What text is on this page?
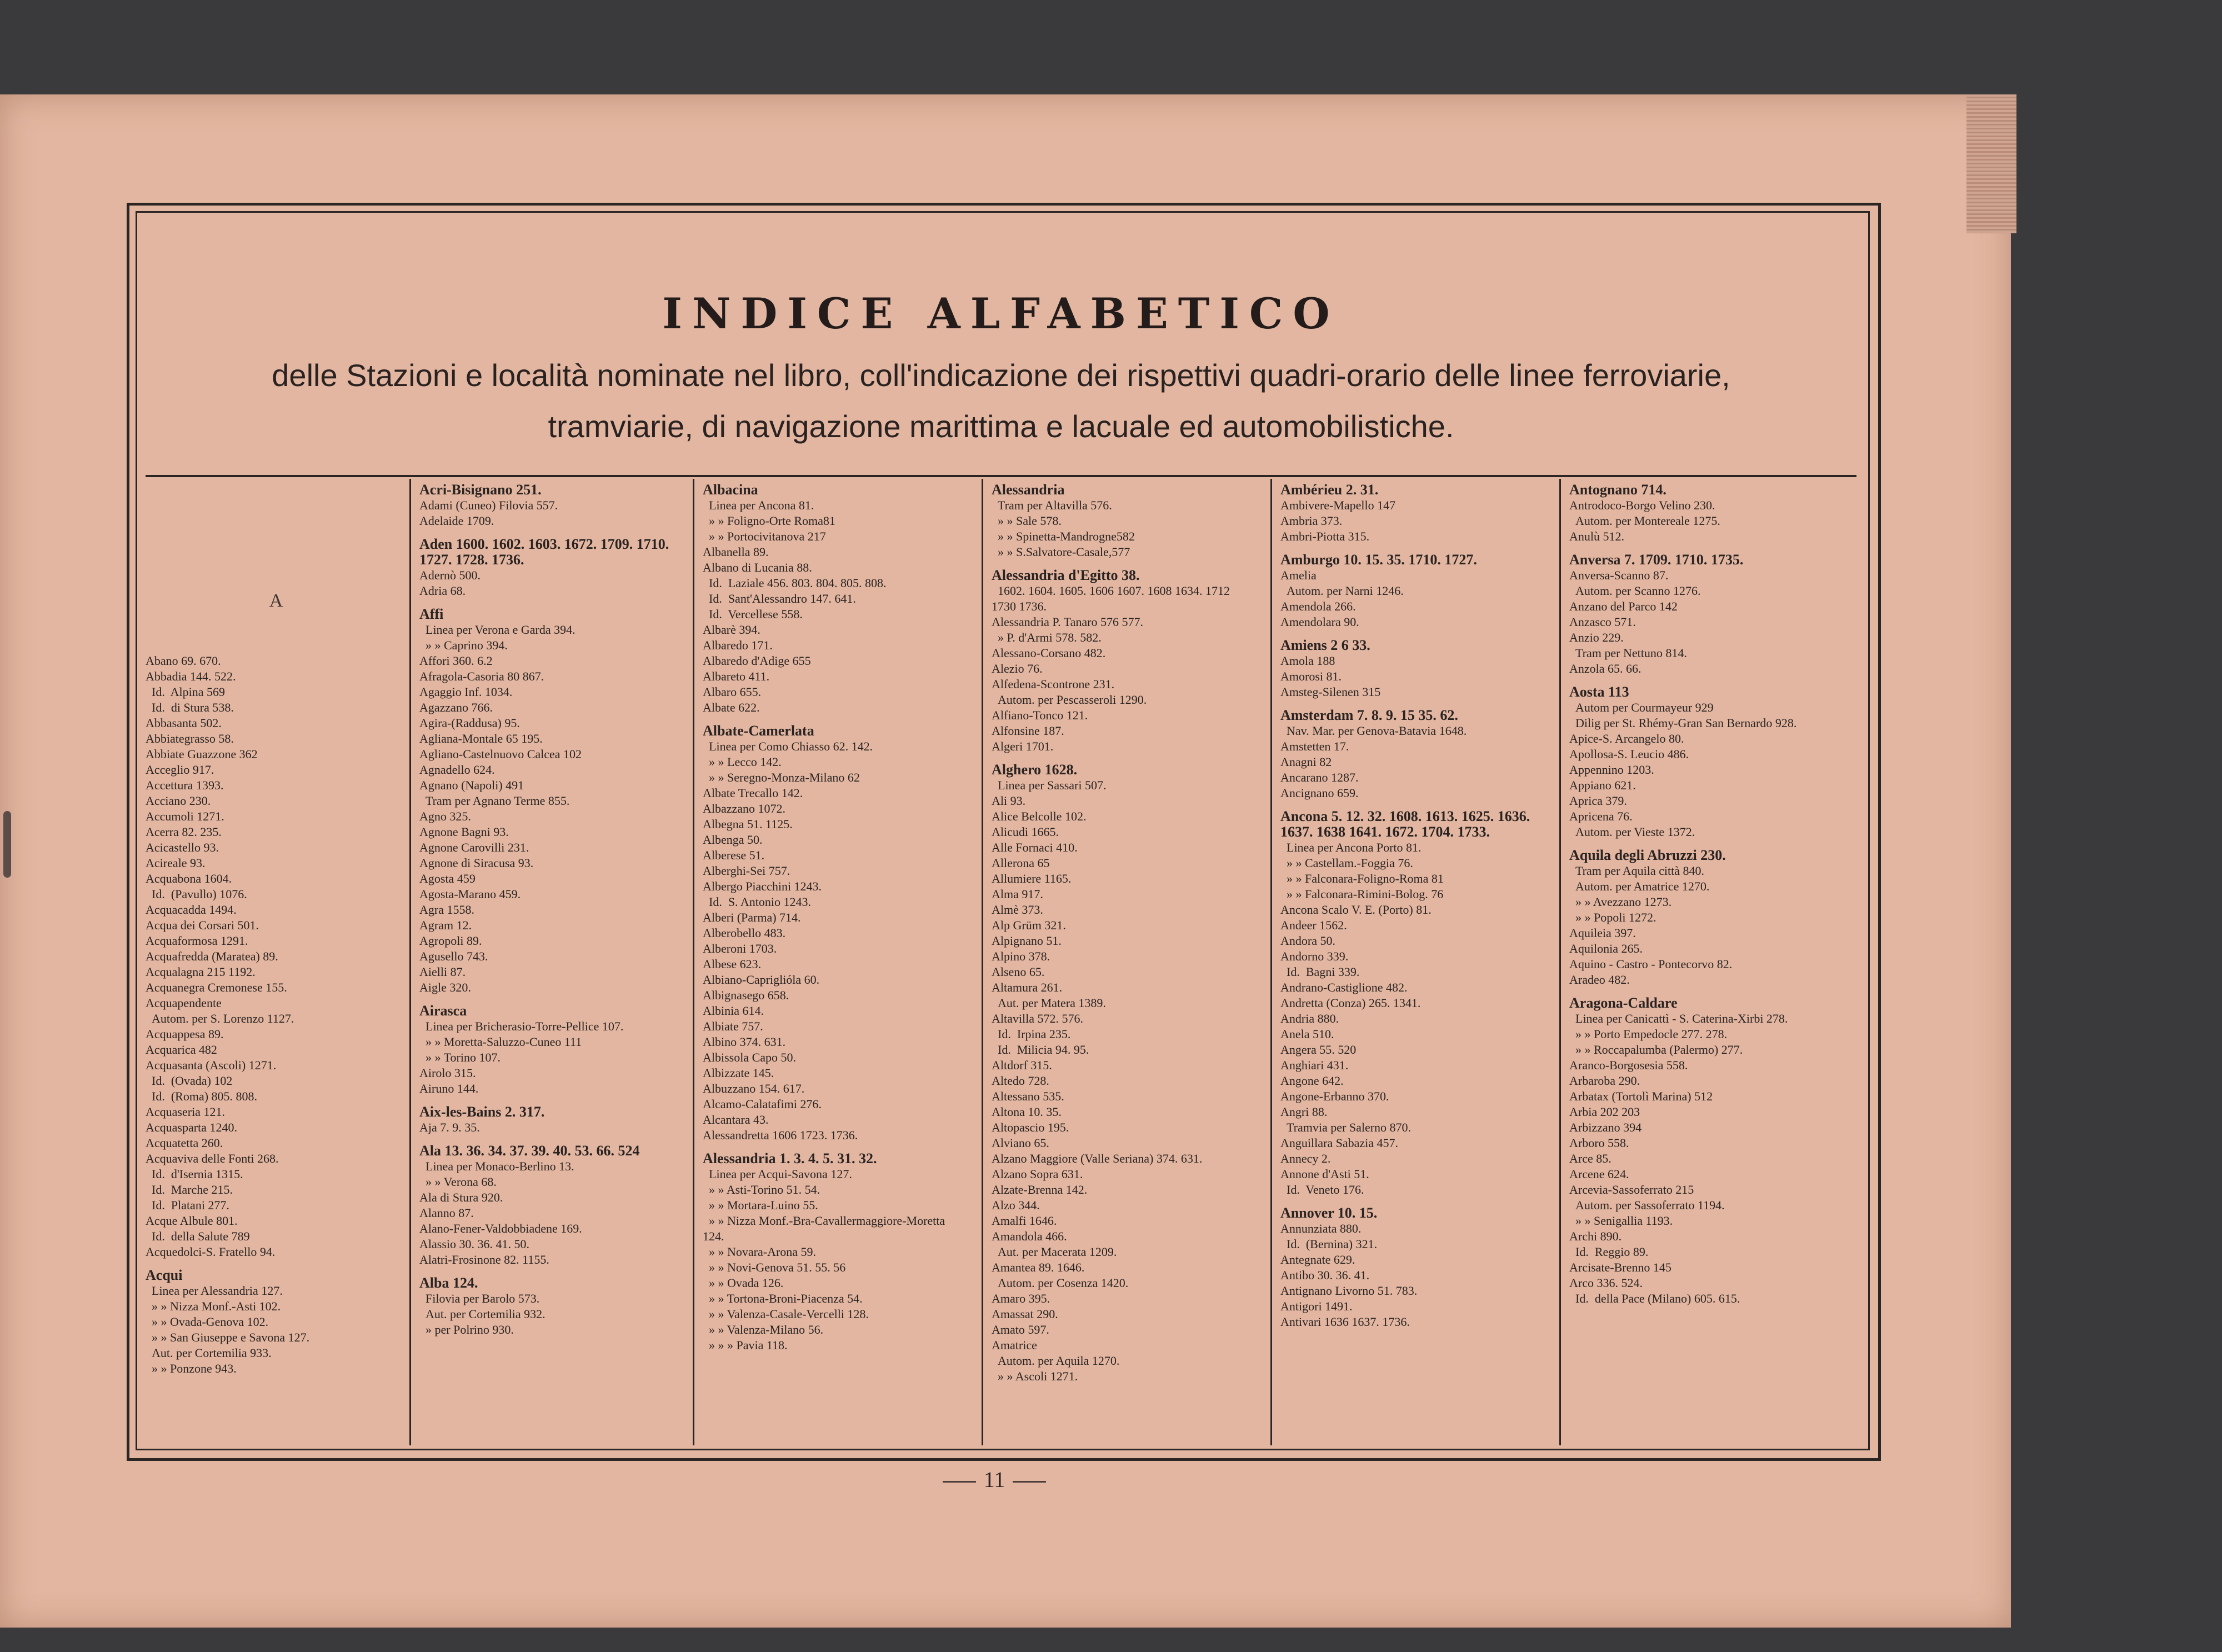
INDICE ALFABETICO
delle Stazioni e località nominate nel libro, coll'indicazione dei rispettivi quadri-orario delle linee ferroviarie,
tramviarie, di navigazione marittima e lacuale ed automobilistiche.
A
Abano 69. 670.
Abbadia 144. 522.
Id.  Alpina 569
Id.  di Stura 538.
Abbasanta 502.
Abbiategrasso 58.
Abbiate Guazzone 362
Acceglio 917.
Accettura 1393.
Acciano 230.
Accumoli 1271.
Acerra 82. 235.
Acicastello 93.
Acireale 93.
Acquabona 1604.
Id.  (Pavullo) 1076.
Acquacadda 1494.
Acqua dei Corsari 501.
Acquaformosa 1291.
Acquafredda (Maratea) 89.
Acqualagna 215 1192.
Acquanegra Cremonese 155.
Acquapendente
Autom. per S. Lorenzo 1127.
Acquappesa 89.
Acquarica 482
Acquasanta (Ascoli) 1271.
Id.  (Ovada) 102
Id.  (Roma) 805. 808.
Acquaseria 121.
Acquasparta 1240.
Acquatetta 260.
Acquaviva delle Fonti 268.
Id.  d'Isernia 1315.
Id.  Marche 215.
Id.  Platani 277.
Acque Albule 801.
Id.  della Salute 789
Acquedolci-S. Fratello 94.

Acqui
Linea per Alessandria 127.
» » Nizza Monf.-Asti 102.
» » Ovada-Genova 102.
» » San Giuseppe e Savona 127.
Aut. per Cortemilia 933.
» » Ponzone 943.
Acri-Bisignano 251.
Adami (Cuneo) Filovia 557.
Adelaide 1709.

Aden 1600. 1602. 1603. 1672. 1709. 1710. 1727. 1728. 1736.
Adernò 500.
Adria 68.

Affi
Linea per Verona e Garda 394.
» » Caprino 394.
Affori 360. 6.2
Afragola-Casoria 80 867.
Agaggio Inf. 1034.
Agazzano 766.
Agira-(Raddusa) 95.
Agliana-Montale 65 195.
Agliano-Castelnuovo Calcea 102
Agnadello 624.
Agnano (Napoli) 491
Tram per Agnano Terme 855.
Agno 325.
Agnone Bagni 93.
Agnone Carovilli 231.
Agnone di Siracusa 93.
Agosta 459
Agosta-Marano 459.
Agra 1558.
Agram 12.
Agropoli 89.
Agusello 743.
Aielli 87.
Aigle 320.

Airasca
Linea per Bricherasio-Torre-Pellice 107.
» » Moretta-Saluzzo-Cuneo 111
» » Torino 107.
Airolo 315.
Airuno 144.

Aix-les-Bains 2. 317.
Aja 7. 9. 35.

Ala 13. 36. 34. 37. 39. 40. 53. 66. 524
Linea per Monaco-Berlino 13.
» » Verona 68.
Ala di Stura 920.
Alanno 87.
Alano-Fener-Valdobbiadene 169.
Alassio 30. 36. 41. 50.
Alatri-Frosinone 82. 1155.

Alba 124.
Filovia per Barolo 573.
Aut. per Cortemilia 932.
» per Polrino 930.
Albacina
Linea per Ancona 81.
» » Foligno-Orte Roma81
» » Portocivitanova 217
Albanella 89.
Albano di Lucania 88.
Id.  Laziale 456. 803. 804. 805. 808.
Id.  Sant'Alessandro 147. 641.
Id.  Vercellese 558.
Albarè 394.
Albaredo 171.
Albaredo d'Adige 655
Albareto 411.
Albaro 655.
Albate 622.

Albate-Camerlata
Linea per Como Chiasso 62. 142.
» » Lecco 142.
» » Seregno-Monza-Milano 62
Albate Trecallo 142.
Albazzano 1072.
Albegna 51. 1125.
Albenga 50.
Alberese 51.
Alberghi-Sei 757.
Albergo Piacchini 1243.
Id.  S. Antonio 1243.
Alberi (Parma) 714.
Alberobello 483.
Alberoni 1703.
Albese 623.
Albiano-Capriglióla 60.
Albignasego 658.
Albinia 614.
Albiate 757.
Albino 374. 631.
Albissola Capo 50.
Albizzate 145.
Albuzzano 154. 617.
Alcamo-Calatafimi 276.
Alcantara 43.
Alessandretta 1606 1723. 1736.

Alessandria 1. 3. 4. 5. 31. 32.
Linea per Acqui-Savona 127.
» » Asti-Torino 51. 54.
» » Mortara-Luino 55.
» » Nizza Monf.-Bra-Cavallermaggiore-Moretta 124.
» » Novara-Arona 59.
» » Novi-Genova 51. 55. 56
» » Ovada 126.
» » Tortona-Broni-Piacenza 54.
» » Valenza-Casale-Vercelli 128.
» » Valenza-Milano 56.
» » » Pavia 118.
Alessandria
Tram per Altavilla 576.
» » Sale 578.
» » Spinetta-Mandrogne582
» » S.Salvatore-Casale,577

Alessandria d'Egitto 38.
1602. 1604. 1605. 1606 1607. 1608 1634. 1712 1730 1736.
Alessandria P. Tanaro 576 577.
» P. d'Armi 578. 582.
Alessano-Corsano 482.
Alezio 76.
Alfedena-Scontrone 231.
Autom. per Pescasseroli 1290.
Alfiano-Tonco 121.
Alfonsine 187.
Algeri 1701.

Alghero 1628.
Linea per Sassari 507.
Ali 93.
Alice Belcolle 102.
Alicudi 1665.
Alle Fornaci 410.
Allerona 65
Allumiere 1165.
Alma 917.
Almè 373.
Alp Grüm 321.
Alpignano 51.
Alpino 378.
Alseno 65.
Altamura 261.
Aut. per Matera 1389.
Altavilla 572. 576.
Id.  Irpina 235.
Id.  Milicia 94. 95.
Altdorf 315.
Altedo 728.
Altessano 535.
Altona 10. 35.
Altopascio 195.
Alviano 65.
Alzano Maggiore (Valle Seriana) 374. 631.
Alzano Sopra 631.
Alzate-Brenna 142.
Alzo 344.
Amalfi 1646.
Amandola 466.
Aut. per Macerata 1209.
Amantea 89. 1646.
Autom. per Cosenza 1420.
Amaro 395.
Amassat 290.
Amato 597.
Amatrice
Autom. per Aquila 1270.
» » Ascoli 1271.
Ambérieu 2. 31.
Ambivere-Mapello 147
Ambria 373.
Ambri-Piotta 315.

Amburgo 10. 15. 35. 1710. 1727.
Amelia
Autom. per Narni 1246.
Amendola 266.
Amendolara 90.

Amiens 2 6 33.
Amola 188
Amorosi 81.
Amsteg-Silenen 315

Amsterdam 7. 8. 9. 15 35. 62.
Nav. Mar. per Genova-Batavia 1648.
Amstetten 17.
Anagni 82
Ancarano 1287.
Ancignano 659.

Ancona 5. 12. 32. 1608. 1613. 1625. 1636. 1637. 1638 1641. 1672. 1704. 1733.
Linea per Ancona Porto 81.
» » Castellam.-Foggia 76.
» » Falconara-Foligno-Roma 81
» » Falconara-Rimini-Bolog. 76
Ancona Scalo V. E. (Porto) 81.
Andeer 1562.
Andora 50.
Andorno 339.
Id.  Bagni 339.
Andrano-Castiglione 482.
Andretta (Conza) 265. 1341.
Andria 880.
Anela 510.
Angera 55. 520
Anghiari 431.
Angone 642.
Angone-Erbanno 370.
Angri 88.
Tramvia per Salerno 870.
Anguillara Sabazia 457.
Annecy 2.
Annone d'Asti 51.
Id.  Veneto 176.

Annover 10. 15.
Annunziata 880.
Id.  (Bernina) 321.
Antegnate 629.
Antibo 30. 36. 41.
Antignano Livorno 51. 783.
Antigori 1491.
Antivari 1636 1637. 1736.
Antognano 714.
Antrodoco-Borgo Velino 230.
Autom. per Montereale 1275.
Anulù 512.

Anversa 7. 1709. 1710. 1735.
Anversa-Scanno 87.
Autom. per Scanno 1276.
Anzano del Parco 142
Anzasco 571.
Anzio 229.
Tram per Nettuno 814.
Anzola 65. 66.

Aosta 113
Autom per Courmayeur 929
Dilig per St. Rhémy-Gran San Bernardo 928.
Apice-S. Arcangelo 80.
Apollosa-S. Leucio 486.
Appennino 1203.
Appiano 621.
Aprica 379.
Apricena 76.
Autom. per Vieste 1372.

Aquila degli Abruzzi 230.
Tram per Aquila città 840.
Autom. per Amatrice 1270.
» » Avezzano 1273.
» » Popoli 1272.
Aquileia 397.
Aquilonia 265.
Aquino - Castro - Pontecorvo 82.
Aradeo 482.

Aragona-Caldare
Linea per Canicattì - S. Caterina-Xirbi 278.
» » Porto Empedocle 277. 278.
» » Roccapalumba (Palermo) 277.
Aranco-Borgosesia 558.
Arbaroba 290.
Arbatax (Tortolì Marina) 512
Arbia 202 203
Arbizzano 394
Arboro 558.
Arce 85.
Arcene 624.
Arcevia-Sassoferrato 215
Autom. per Sassoferrato 1194.
» » Senigallia 1193.
Archi 890.
Id.  Reggio 89.
Arcisate-Brenno 145
Arco 336. 524.
Id.  della Pace (Milano) 605. 615.
11
